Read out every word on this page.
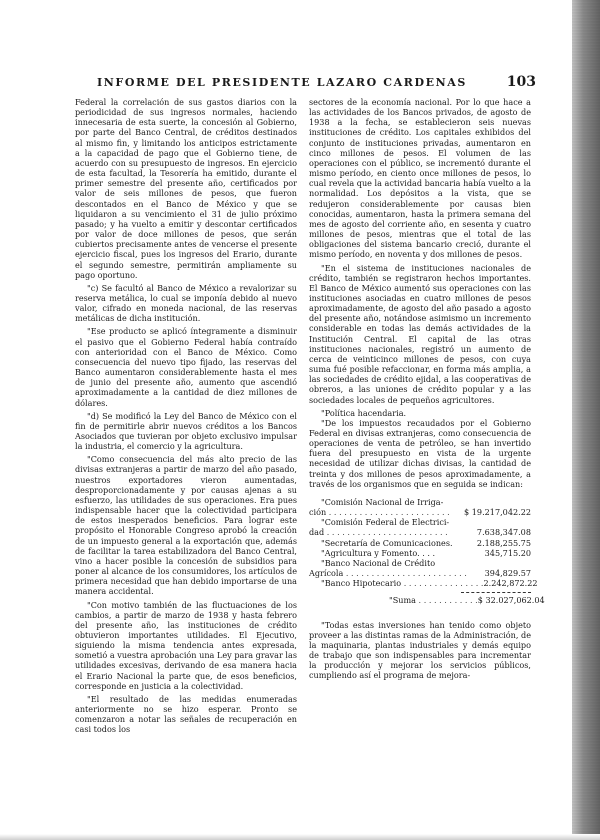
INFORME DEL PRESIDENTE LAZARO CARDENAS	103

Federal la correlación de sus gastos diarios con la periodicidad de sus ingresos normales, haciendo innecesaria de esta suerte, la concesión al Gobierno, por parte del Banco Central, de créditos destinados al mismo fin, y limitando los anticipos estrictamente a la capacidad de pago que el Gobierno tiene, de acuerdo con su presupuesto de ingresos. En ejercicio de esta facultad, la Tesorería ha emitido, durante el primer semestre del presente año, certificados por valor de seis millones de pesos, que fueron descontados en el Banco de México y que se liquidaron a su vencimiento el 31 de julio próximo pasado; y ha vuelto a emitir y descontar certificados por valor de doce millones de pesos, que serán cubiertos precisamente antes de vencerse el presente ejercicio fiscal, pues los ingresos del Erario, durante el segundo semestre, permitirán ampliamente su pago oportuno.

"c) Se facultó al Banco de México a revalorizar su reserva metálica, lo cual se imponía debido al nuevo valor, cifrado en moneda nacional, de las reservas metálicas de dicha institución.

"Ese producto se aplicó íntegramente a disminuir el pasivo que el Gobierno Federal había contraído con anterioridad con el Banco de México. Como consecuencia del nuevo tipo fijado, las reservas del Banco aumentaron considerablemente hasta el mes de junio del presente año, aumento que ascendió aproximadamente a la cantidad de diez millones de dólares.

"d) Se modificó la Ley del Banco de México con el fin de permitirle abrir nuevos créditos a los Bancos Asociados que tuvieran por objeto exclusivo impulsar la industria, el comercio y la agricultura.

"Como consecuencia del más alto precio de las divisas extranjeras a partir de marzo del año pasado, nuestros exportadores vieron aumentadas, desproporcionadamente y por causas ajenas a su esfuerzo, las utilidades de sus operaciones. Era pues indispensable hacer que la colectividad participara de estos inesperados beneficios. Para lograr este propósito el Honorable Congreso aprobó la creación de un impuesto general a la exportación que, además de facilitar la tarea estabilizadora del Banco Central, vino a hacer posible la concesión de subsidios para poner al alcance de los consumidores, los artículos de primera necesidad que han debido importarse de una manera accidental.

"Con motivo también de las fluctuaciones de los cambios, a partir de marzo de 1938 y hasta febrero del presente año, las instituciones de crédito obtuvieron importantes utilidades. El Ejecutivo, siguiendo la misma tendencia antes expresada, sometió a vuestra aprobación una Ley para gravar las utilidades excesivas, derivando de esa manera hacia el Erario Nacional la parte que, de esos beneficios, corresponde en justicia a la colectividad.

"El resultado de las medidas enumeradas anteriormente no se hizo esperar. Pronto se comenzaron a notar las señales de recuperación en casi todos los

sectores de la economía nacional. Por lo que hace a las actividades de los Bancos privados, de agosto de 1938 a la fecha, se establecieron seis nuevas instituciones de crédito. Los capitales exhibidos del conjunto de instituciones privadas, aumentaron en cinco millones de pesos. El volumen de las operaciones con el público, se incrementó durante el mismo período, en ciento once millones de pesos, lo cual revela que la actividad bancaria había vuelto a la normalidad. Los depósitos a la vista, que se redujeron considerablemente por causas bien conocidas, aumentaron, hasta la primera semana del mes de agosto del corriente año, en sesenta y cuatro millones de pesos, mientras que el total de las obligaciones del sistema bancario creció, durante el mismo período, en noventa y dos millones de pesos.

"En el sistema de instituciones nacionales de crédito, también se registraron hechos importantes. El Banco de México aumentó sus operaciones con las instituciones asociadas en cuatro millones de pesos aproximadamente, de agosto del año pasado a agosto del presente año, notándose asimismo un incremento considerable en todas las demás actividades de la Institución Central. El capital de las otras instituciones nacionales, registró un aumento de cerca de veinticinco millones de pesos, con cuya suma fué posible refaccionar, en forma más amplia, a las sociedades de crédito ejidal, a las cooperativas de obreros, a las uniones de crédito popular y a las sociedades locales de pequeños agricultores.

"Política hacendaria.

"De los impuestos recaudados por el Gobierno Federal en divisas extranjeras, como consecuencia de operaciones de venta de petróleo, se han invertido fuera del presupuesto en vista de la urgente necesidad de utilizar dichas divisas, la cantidad de treinta y dos millones de pesos aproximadamente, a través de los organismos que en seguida se indican:

"Comisión Nacional de Irriga-
ción . . . . . . . . . . . . . . . . . . . . . . . .	$ 19.217,042.22
"Comisión Federal de Electrici-
dad . . . . . . . . . . . . . . . . . . . . . . . .	7.638,347.08
"Secretaría de Comunicaciones.	2.188,255.75
"Agricultura y Fomento. . . .	345,715.20
"Banco Nacional de Crédito
Agrícola . . . . . . . . . . . . . . . . . . . . . . . .	394,829.57
"Banco Hipotecario . . . . . . . . . . . . . . . . 2.242,872.22
"Suma . . . . . . . . . . . . $ 32.027,062.04

"Todas estas inversiones han tenido como objeto proveer a las distintas ramas de la Administración, de la maquinaria, plantas industriales y demás equipo de trabajo que son indispensables para incrementar la producción y mejorar los servicios públicos, cumpliendo así el programa de mejora-
